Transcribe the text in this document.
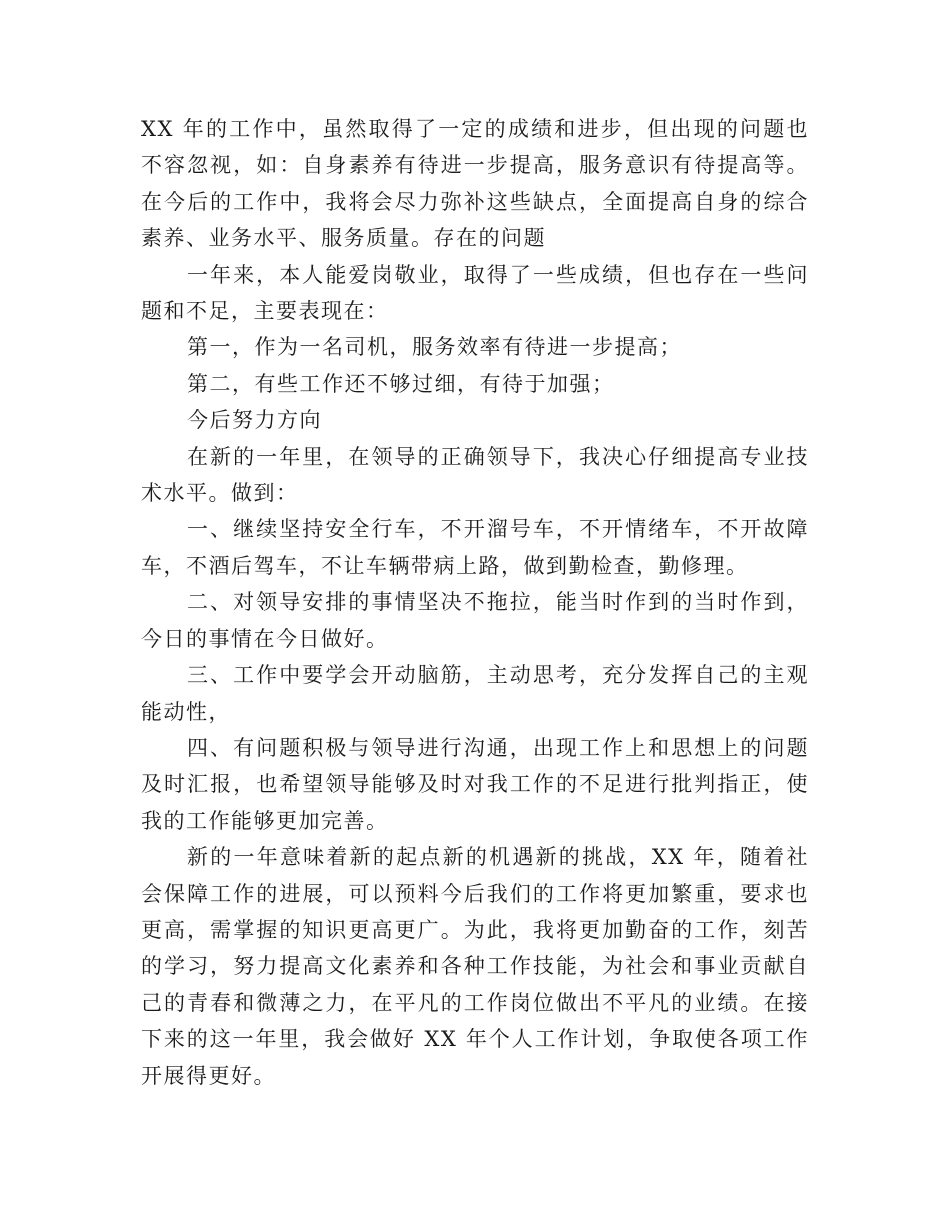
XX 年的工作中，虽然取得了一定的成绩和进步，但出现的问题也不容忽视，如：自身素养有待进一步提高，服务意识有待提高等。在今后的工作中，我将会尽力弥补这些缺点，全面提高自身的综合素养、业务水平、服务质量。存在的问题

一年来，本人能爱岗敬业，取得了一些成绩，但也存在一些问题和不足，主要表现在：

第一，作为一名司机，服务效率有待进一步提高；

第二，有些工作还不够过细，有待于加强；

今后努力方向

在新的一年里，在领导的正确领导下，我决心仔细提高专业技术水平。做到：

一、继续坚持安全行车，不开溜号车，不开情绪车，不开故障车，不酒后驾车，不让车辆带病上路，做到勤检查，勤修理。

二、对领导安排的事情坚决不拖拉，能当时作到的当时作到，今日的事情在今日做好。

三、工作中要学会开动脑筋，主动思考，充分发挥自己的主观能动性，

四、有问题积极与领导进行沟通，出现工作上和思想上的问题及时汇报，也希望领导能够及时对我工作的不足进行批判指正，使我的工作能够更加完善。

新的一年意味着新的起点新的机遇新的挑战，XX 年，随着社会保障工作的进展，可以预料今后我们的工作将更加繁重，要求也更高，需掌握的知识更高更广。为此，我将更加勤奋的工作，刻苦的学习，努力提高文化素养和各种工作技能，为社会和事业贡献自己的青春和微薄之力，在平凡的工作岗位做出不平凡的业绩。在接下来的这一年里，我会做好 XX 年个人工作计划，争取使各项工作开展得更好。
